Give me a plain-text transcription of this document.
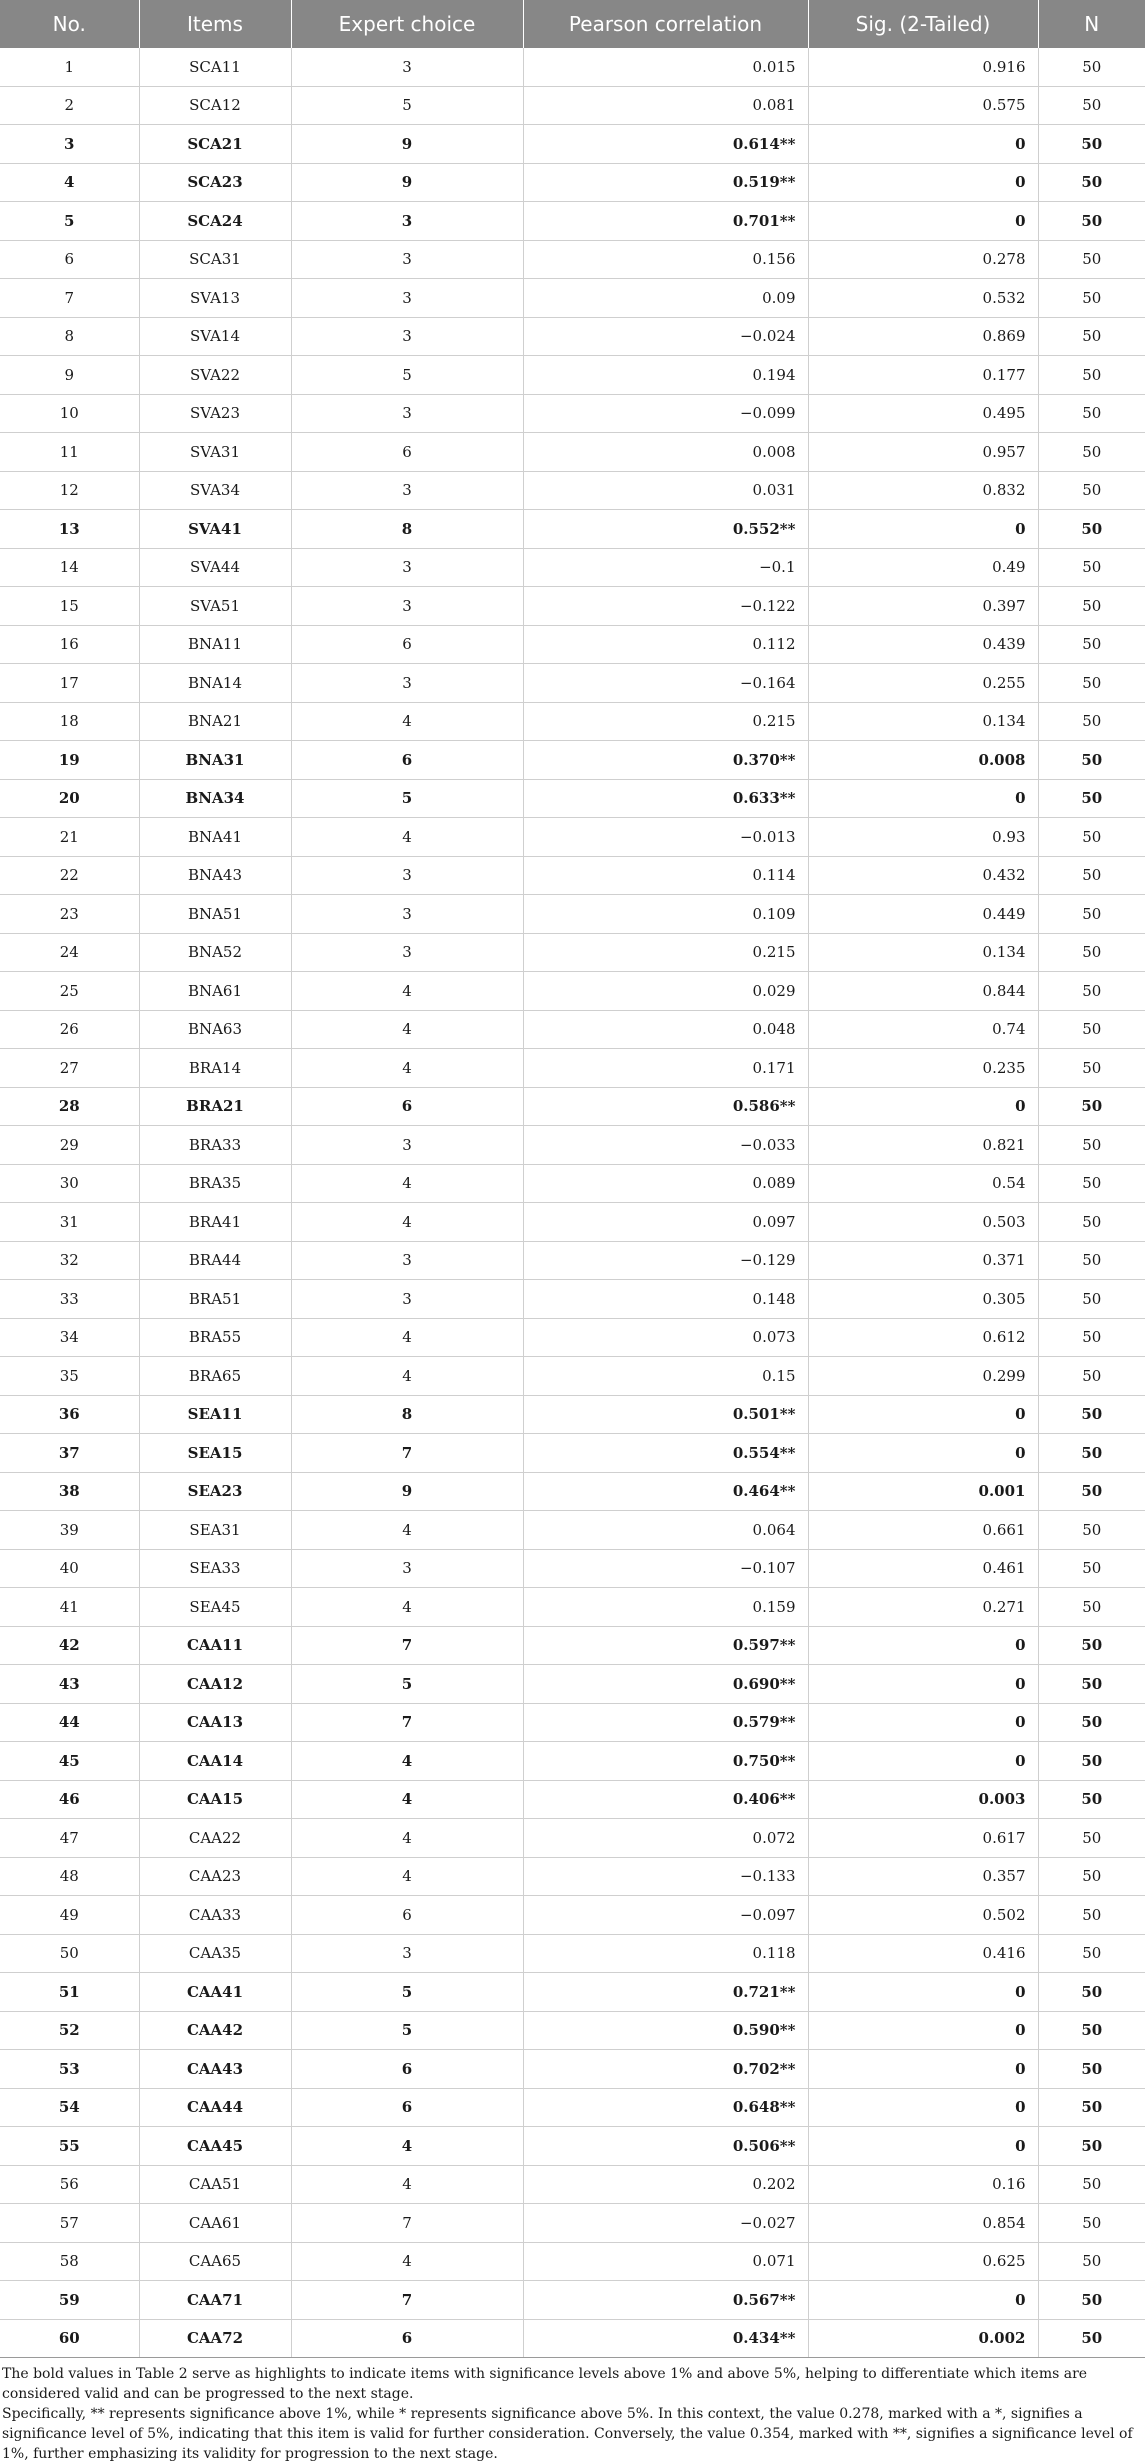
No.	Items	Expert choice	Pearson correlation	Sig. (2-Tailed)	N
1	SCA11	3	0.015	0.916	50
2	SCA12	5	0.081	0.575	50
3	SCA21	9	0.614**	0	50
4	SCA23	9	0.519**	0	50
5	SCA24	3	0.701**	0	50
6	SCA31	3	0.156	0.278	50
7	SVA13	3	0.09	0.532	50
8	SVA14	3	−0.024	0.869	50
9	SVA22	5	0.194	0.177	50
10	SVA23	3	−0.099	0.495	50
11	SVA31	6	0.008	0.957	50
12	SVA34	3	0.031	0.832	50
13	SVA41	8	0.552**	0	50
14	SVA44	3	−0.1	0.49	50
15	SVA51	3	−0.122	0.397	50
16	BNA11	6	0.112	0.439	50
17	BNA14	3	−0.164	0.255	50
18	BNA21	4	0.215	0.134	50
19	BNA31	6	0.370**	0.008	50
20	BNA34	5	0.633**	0	50
21	BNA41	4	−0.013	0.93	50
22	BNA43	3	0.114	0.432	50
23	BNA51	3	0.109	0.449	50
24	BNA52	3	0.215	0.134	50
25	BNA61	4	0.029	0.844	50
26	BNA63	4	0.048	0.74	50
27	BRA14	4	0.171	0.235	50
28	BRA21	6	0.586**	0	50
29	BRA33	3	−0.033	0.821	50
30	BRA35	4	0.089	0.54	50
31	BRA41	4	0.097	0.503	50
32	BRA44	3	−0.129	0.371	50
33	BRA51	3	0.148	0.305	50
34	BRA55	4	0.073	0.612	50
35	BRA65	4	0.15	0.299	50
36	SEA11	8	0.501**	0	50
37	SEA15	7	0.554**	0	50
38	SEA23	9	0.464**	0.001	50
39	SEA31	4	0.064	0.661	50
40	SEA33	3	−0.107	0.461	50
41	SEA45	4	0.159	0.271	50
42	CAA11	7	0.597**	0	50
43	CAA12	5	0.690**	0	50
44	CAA13	7	0.579**	0	50
45	CAA14	4	0.750**	0	50
46	CAA15	4	0.406**	0.003	50
47	CAA22	4	0.072	0.617	50
48	CAA23	4	−0.133	0.357	50
49	CAA33	6	−0.097	0.502	50
50	CAA35	3	0.118	0.416	50
51	CAA41	5	0.721**	0	50
52	CAA42	5	0.590**	0	50
53	CAA43	6	0.702**	0	50
54	CAA44	6	0.648**	0	50
55	CAA45	4	0.506**	0	50
56	CAA51	4	0.202	0.16	50
57	CAA61	7	−0.027	0.854	50
58	CAA65	4	0.071	0.625	50
59	CAA71	7	0.567**	0	50
60	CAA72	6	0.434**	0.002	50

The bold values in Table 2 serve as highlights to indicate items with significance levels above 1% and above 5%, helping to differentiate which items are considered valid and can be progressed to the next stage.

Specifically, ** represents significance above 1%, while * represents significance above 5%. In this context, the value 0.278, marked with a *, signifies a significance level of 5%, indicating that this item is valid for further consideration. Conversely, the value 0.354, marked with **, signifies a significance level of 1%, further emphasizing its validity for progression to the next stage.
